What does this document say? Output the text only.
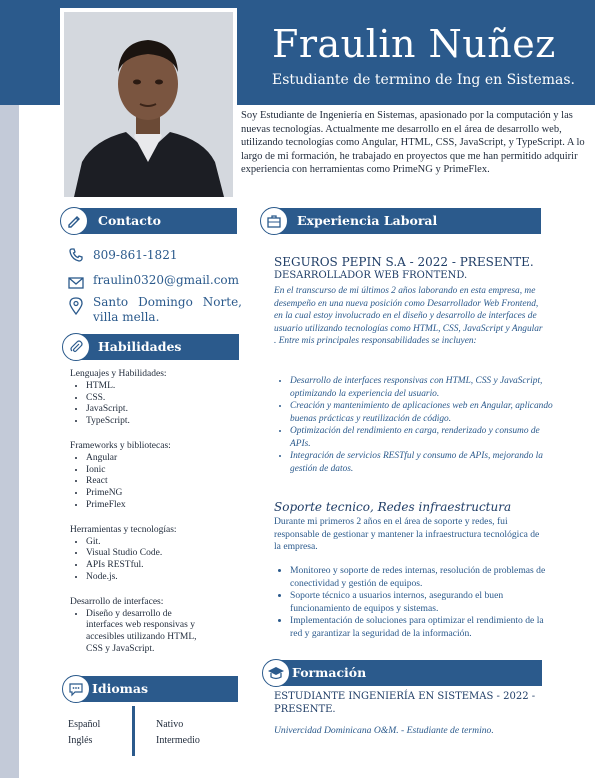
Fraulin Nuñez
Estudiante de termino de Ing en Sistemas.
Soy Estudiante de Ingeniería en Sistemas, apasionado por la computación y las nuevas tecnologías. Actualmente me desarrollo en el área de desarrollo web, utilizando tecnologías como Angular, HTML, CSS, JavaScript, y TypeScript. A lo largo de mi formación, he trabajado en proyectos que me han permitido adquirir experiencia con herramientas como PrimeNG y PrimeFlex.
Contacto
809-861-1821
fraulin0320@gmail.com
Santo Domingo Norte, villa mella.
Habilidades
Lenguajes y Habilidades:
• HTML.
• CSS.
• JavaScript.
• TypeScript.
Frameworks y bibliotecas:
• Angular
• Ionic
• React
• PrimeNG
• PrimeFlex
Herramientas y tecnologías:
• Git.
• Visual Studio Code.
• APIs RESTful.
• Node.js.
Desarrollo de interfaces:
• Diseño y desarrollo de interfaces web responsivas y accesibles utilizando HTML, CSS y JavaScript.
Idiomas
Español
Inglés
Nativo
Intermedio
Experiencia Laboral
SEGUROS PEPIN S.A - 2022 - PRESENTE.
DESARROLLADOR WEB FRONTEND.
En el transcurso de mi últimos 2 años laborando en esta empresa, me desempeño en una nueva posición como Desarrollador Web Frontend, en la cual estoy involucrado en el diseño y desarrollo de interfaces de usuario utilizando tecnologías como HTML, CSS, JavaScript y Angular . Entre mis principales responsabilidades se incluyen:
• Desarrollo de interfaces responsivas con HTML, CSS y JavaScript, optimizando la experiencia del usuario.
• Creación y mantenimiento de aplicaciones web en Angular, aplicando buenas prácticas y reutilización de código.
• Optimización del rendimiento en carga, renderizado y consumo de APIs.
• Integración de servicios RESTful y consumo de APIs, mejorando la gestión de datos.
Soporte tecnico, Redes infraestructura
Durante mi primeros 2 años en el área de soporte y redes, fui responsable de gestionar y mantener la infraestructura tecnológica de la empresa.
• Monitoreo y soporte de redes internas, resolución de problemas de conectividad y gestión de equipos.
• Soporte técnico a usuarios internos, asegurando el buen funcionamiento de equipos y sistemas.
• Implementación de soluciones para optimizar el rendimiento de la red y garantizar la seguridad de la información.
Formación
ESTUDIANTE INGENIERÍA EN SISTEMAS - 2022 - PRESENTE.
Univercidad Dominicana O&M. - Estudiante de termino.
